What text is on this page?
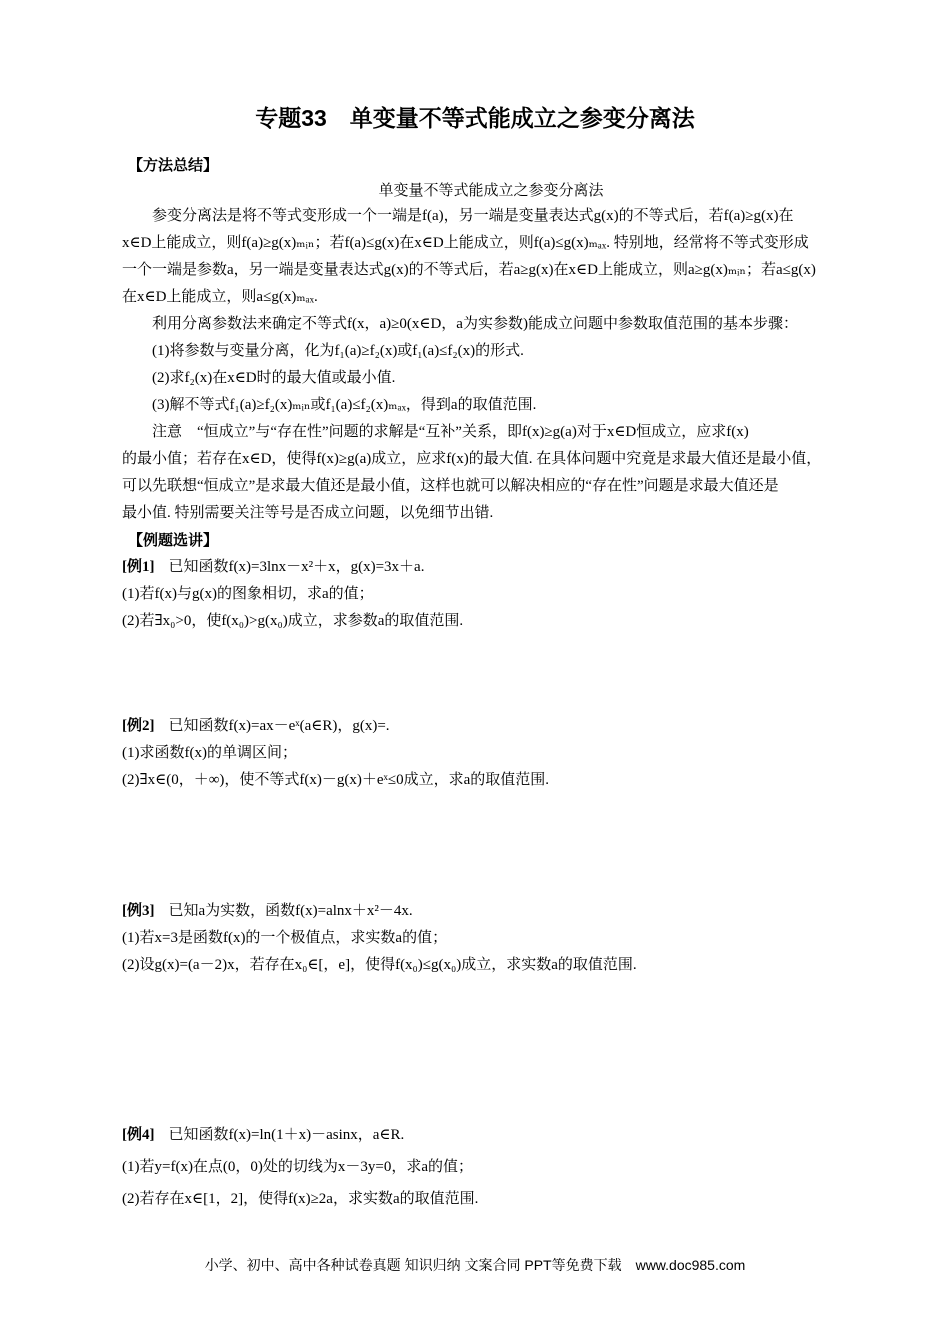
专题33　单变量不等式能成立之参变分离法
【方法总结】
单变量不等式能成立之参变分离法
　　参变分离法是将不等式变形成一个一端是f(a)，另一端是变量表达式g(x)的不等式后，若f(a)≥g(x)在
x∈D上能成立，则f(a)≥g(x)ₘᵢₙ；若f(a)≤g(x)在x∈D上能成立，则f(a)≤g(x)ₘₐₓ. 特别地，经常将不等式变形成
一个一端是参数a，另一端是变量表达式g(x)的不等式后，若a≥g(x)在x∈D上能成立，则a≥g(x)ₘᵢₙ；若a≤g(x)
在x∈D上能成立，则a≤g(x)ₘₐₓ.
　　利用分离参数法来确定不等式f(x，a)≥0(x∈D，a为实参数)能成立问题中参数取值范围的基本步骤：
　　(1)将参数与变量分离，化为f₁(a)≥f₂(x)或f₁(a)≤f₂(x)的形式.
　　(2)求f₂(x)在x∈D时的最大值或最小值.
　　(3)解不等式f₁(a)≥f₂(x)ₘᵢₙ或f₁(a)≤f₂(x)ₘₐₓ，得到a的取值范围.
　　注意　“恒成立”与“存在性”问题的求解是“互补”关系，即f(x)≥g(a)对于x∈D恒成立，应求f(x)
的最小值；若存在x∈D，使得f(x)≥g(a)成立，应求f(x)的最大值. 在具体问题中究竟是求最大值还是最小值，
可以先联想“恒成立”是求最大值还是最小值，这样也就可以解决相应的“存在性”问题是求最大值还是
最小值. 特别需要关注等号是否成立问题，以免细节出错.
【例题选讲】
[例1] 已知函数f(x)=3lnx－x²＋x，g(x)=3x＋a.
(1)若f(x)与g(x)的图象相切，求a的值；
(2)若∃x₀>0，使f(x₀)>g(x₀)成立，求参数a的取值范围.
[例2] 已知函数f(x)=ax－eˣ(a∈R)，g(x)=.
(1)求函数f(x)的单调区间；
(2)∃x∈(0，＋∞)，使不等式f(x)－g(x)＋eˣ≤0成立，求a的取值范围.
[例3] 已知a为实数，函数f(x)=alnx＋x²－4x.
(1)若x=3是函数f(x)的一个极值点，求实数a的值；
(2)设g(x)=(a－2)x，若存在x₀∈[，e]，使得f(x₀)≤g(x₀)成立，求实数a的取值范围.
[例4] 已知函数f(x)=ln(1＋x)－asinx，a∈R.
(1)若y=f(x)在点(0，0)处的切线为x－3y=0，求a的值；
(2)若存在x∈[1，2]，使得f(x)≥2a，求实数a的取值范围.
小学、初中、高中各种试卷真题 知识归纳 文案合同 PPT等免费下载　www.doc985.com
